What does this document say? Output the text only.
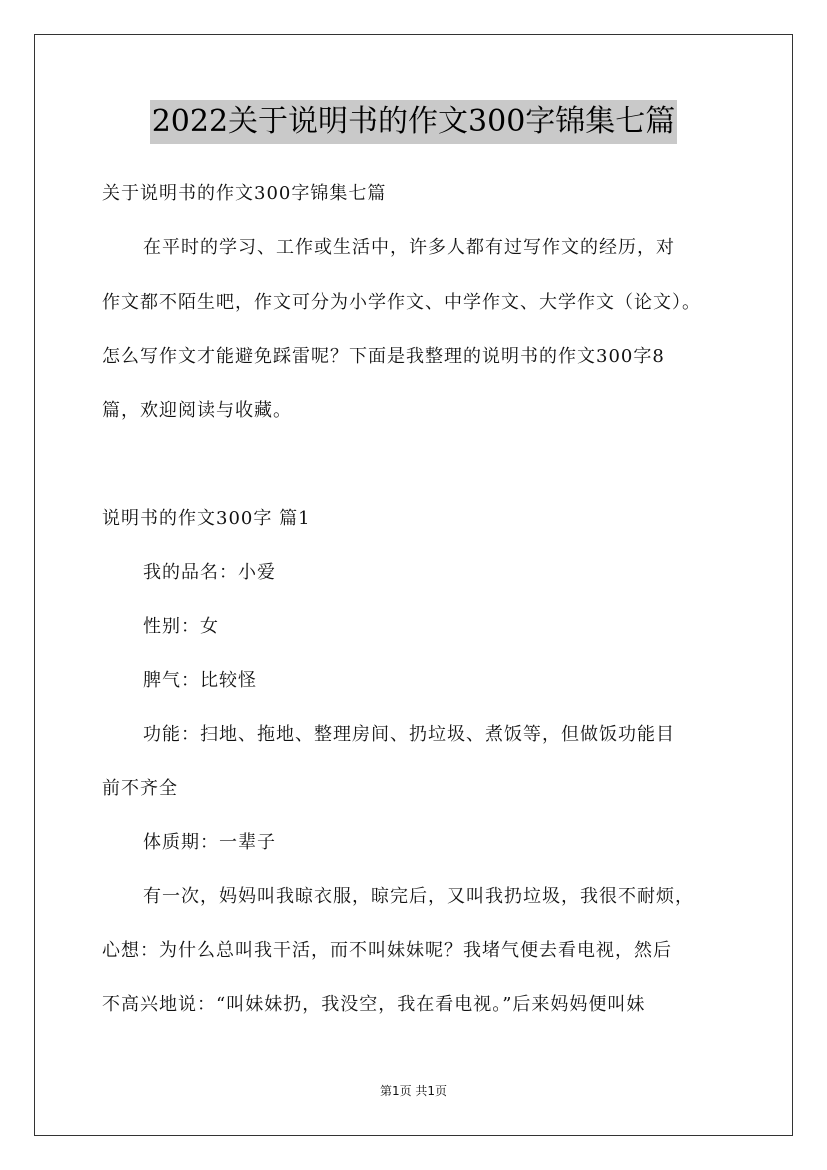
2022关于说明书的作文300字锦集七篇
关于说明书的作文300字锦集七篇
在平时的学习、工作或生活中，许多人都有过写作文的经历，对
作文都不陌生吧，作文可分为小学作文、中学作文、大学作文（论文）。
怎么写作文才能避免踩雷呢？下面是我整理的说明书的作文300字8
篇，欢迎阅读与收藏。
说明书的作文300字 篇1
我的品名：小爱
性别：女
脾气：比较怪
功能：扫地、拖地、整理房间、扔垃圾、煮饭等，但做饭功能目
前不齐全
体质期：一辈子
有一次，妈妈叫我晾衣服，晾完后，又叫我扔垃圾，我很不耐烦，
心想：为什么总叫我干活，而不叫妹妹呢？我堵气便去看电视，然后
不高兴地说：“叫妹妹扔，我没空，我在看电视。”后来妈妈便叫妹
第1页 共1页
